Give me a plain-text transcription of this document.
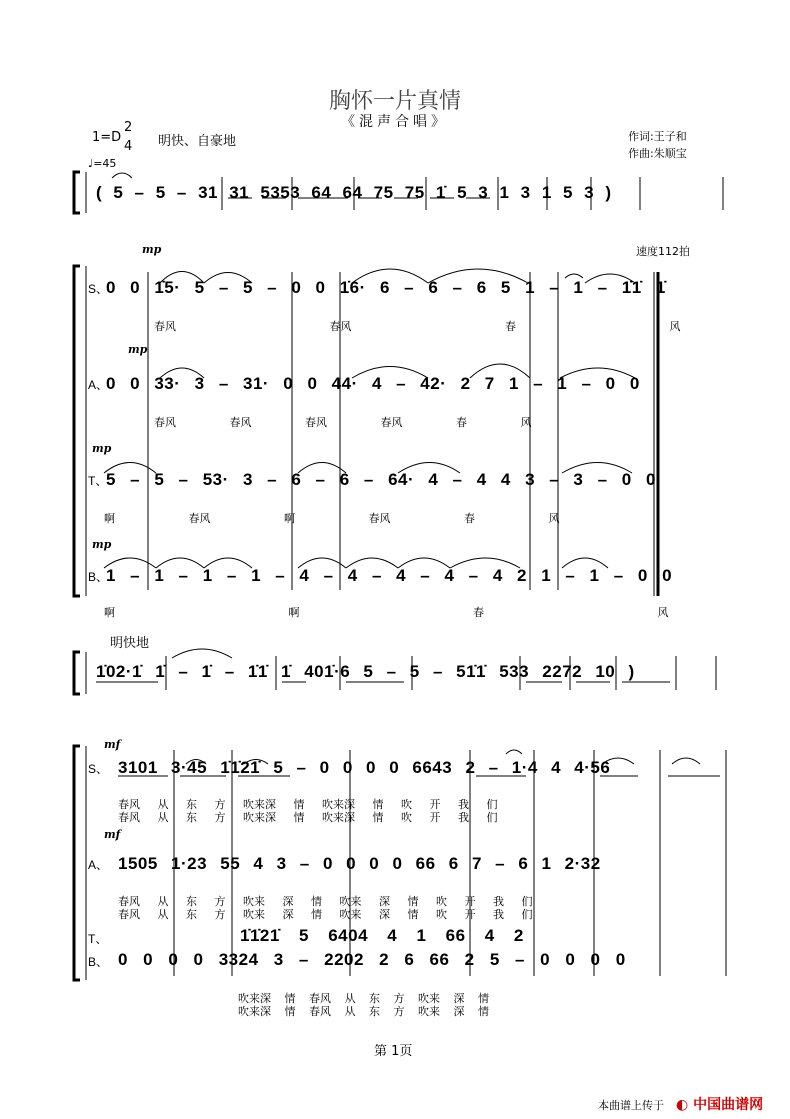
胸怀一片真情
《混声合唱》
1=D
2
4 明快、自豪地	作词:王子和
作曲:朱顺宝
♩=45
( 5 – 5 – 31 31 5353 64 64 75 75 1̇ 5 3 1 3 1 5 3 )
速度112拍
mp
mp
mp
mp
S、
0 0 1̇5· 5 – 5 – 0 0 1̇6· 6 – 6 – 6 5 1 – 1 – 1̇1̇ 1̇
春风 春风 春 风
A、
0 0 33· 3 – 31· 0 0 44· 4 – 42· 2 7 1 – 1 – 0 0
春风 春风 春风 春风 春 风
T、
5 – 5 – 53· 3 – 6 – 6 – 64· 4 – 4 4 3 – 3 – 0 0
啊 春风 啊 春风 春 风
B、
1 – 1 – 1 – 1 – 4 – 4 – 4 – 4 – 4 2 1 – 1 – 0 0
啊 啊 春 风
明快地
1̇02·1̇ 1̇ – 1̇ – 1̇1̇ 1̇ 401̇·6 5 – 5 – 51̇1̇ 533 2272 10 )
mf
mf
S、 3101 3·45 1̇1̇21̇ 5 – 0 0 0 0 6643 2 – 1·4 4 4·56
春风 从 东 方 吹来深 情 吹来深 情 吹 开 我 们
春风 从 东 方 吹来深 情 吹来深 情 吹 开 我 们
A、 1505 1·23 55 4 3 – 0 0 0 0 66 6 7 – 6 1 2·32
春风 从 东 方 吹来 深 情 吹来 深 情 吹 开 我 们
春风 从 东 方 吹来 深 情 吹来 深 情 吹 开 我 们
T、	1̇1̇21̇ 5 6404 4 1 66 4 2
B、 0 0 0 0 3324 3 – 2202 2 6 66 2 5 – 0 0 0 0
吹来深 情 春风 从 东 方 吹来 深 情
吹来深 情 春风 从 东 方 吹来 深 情
第 1页
本曲谱上传于 ◐ 中国曲谱网
